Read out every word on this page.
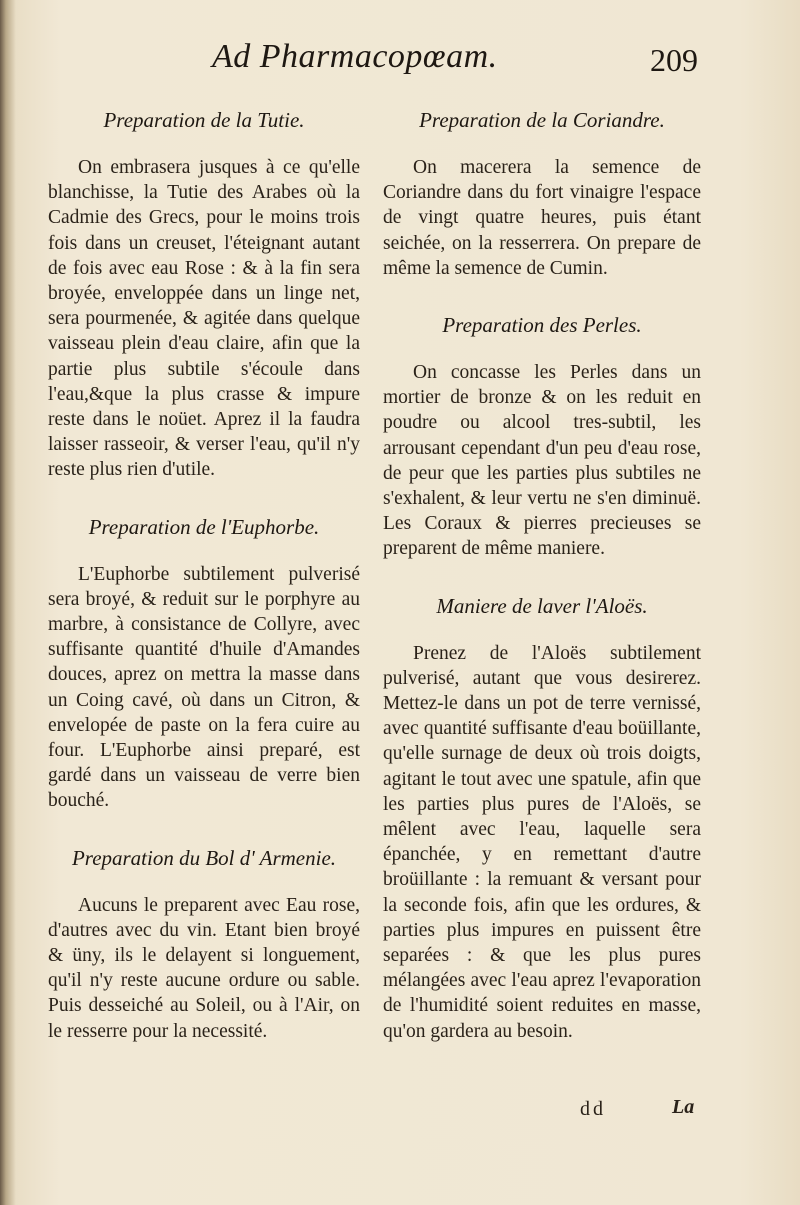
Ad Pharmacopœam.	209
Preparation de la Tutie.

On embrasera jusques à ce qu'elle blanchisse, la Tutie des Arabes où la Cadmie des Grecs, pour le moins trois fois dans un creuset, l'éteignant autant de fois avec eau Rose : & à la fin sera broyée, enveloppée dans un linge net, sera pourmenée, & agitée dans quelque vaisseau plein d'eau claire, afin que la partie plus subtile s'écoule dans l'eau,&que la plus crasse & impure reste dans le noüet. Aprez il la faudra laisser rasseoir, & verser l'eau, qu'il n'y reste plus rien d'utile.

Preparation de l'Euphorbe.

L'Euphorbe subtilement pulverisé sera broyé, & reduit sur le porphyre au marbre, à consistance de Collyre, avec suffisante quantité d'huile d'Amandes douces, aprez on mettra la masse dans un Coing cavé, où dans un Citron, & envelopée de paste on la fera cuire au four. L'Euphorbe ainsi preparé, est gardé dans un vaisseau de verre bien bouché.

Preparation du Bol d' Armenie.

Aucuns le preparent avec Eau rose, d'autres avec du vin. Etant bien broyé & üny, ils le delayent si longuement, qu'il n'y reste aucune ordure ou sable. Puis desseiché au Soleil, ou à l'Air, on le resserre pour la necessité.

Preparation de la Coriandre.

On macerera la semence de Coriandre dans du fort vinaigre l'espace de vingt quatre heures, puis étant seichée, on la resserrera. On prepare de même la semence de Cumin.

Preparation des Perles.

On concasse les Perles dans un mortier de bronze & on les reduit en poudre ou alcool tres-subtil, les arrousant cependant d'un peu d'eau rose, de peur que les parties plus subtiles ne s'exhalent, & leur vertu ne s'en diminuë. Les Coraux & pierres precieuses se preparent de même maniere.

Maniere de laver l'Aloës.

Prenez de l'Aloës subtilement pulverisé, autant que vous desirerez. Mettez-le dans un pot de terre vernissé, avec quantité suffisante d'eau boüillante, qu'elle surnage de deux où trois doigts, agitant le tout avec une spatule, afin que les parties plus pures de l'Aloës, se mêlent avec l'eau, laquelle sera épanchée, y en remettant d'autre broüillante : la remuant & versant pour la seconde fois, afin que les ordures, & parties plus impures en puissent être separées : & que les plus pures mélangées avec l'eau aprez l'evaporation de l'humidité soient reduites en masse, qu'on gardera au besoin.

dd	La
